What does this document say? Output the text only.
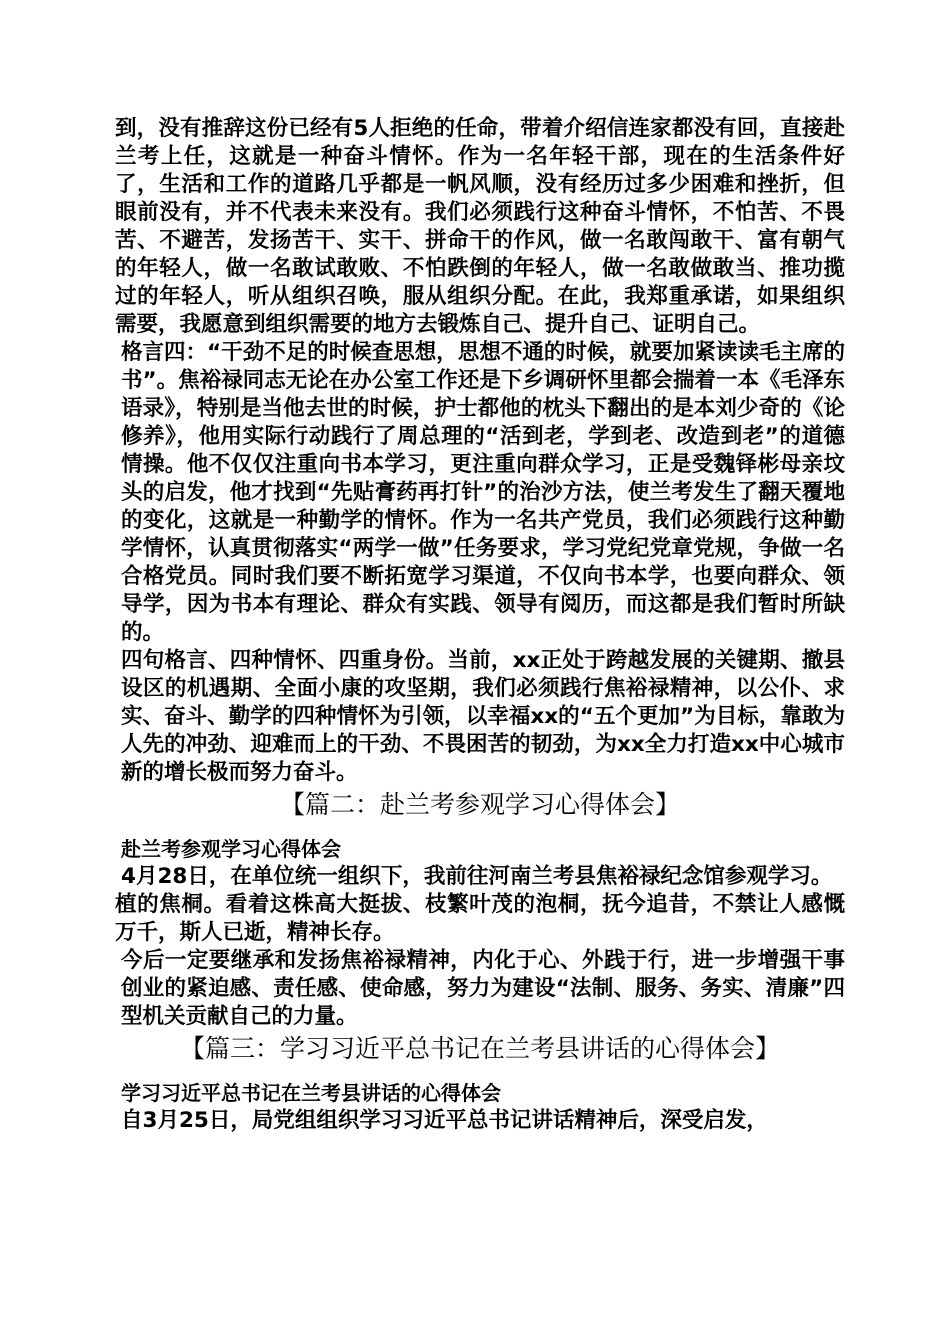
到，没有推辞这份已经有5人拒绝的任命，带着介绍信连家都没有回，直接赴兰考上任，这就是一种奋斗情怀。作为一名年轻干部，现在的生活条件好了，生活和工作的道路几乎都是一帆风顺，没有经历过多少困难和挫折，但眼前没有，并不代表未来没有。我们必须践行这种奋斗情怀，不怕苦、不畏苦、不避苦，发扬苦干、实干、拼命干的作风，做一名敢闯敢干、富有朝气的年轻人，做一名敢试敢败、不怕跌倒的年轻人，做一名敢做敢当、推功揽过的年轻人，听从组织召唤，服从组织分配。在此，我郑重承诺，如果组织需要，我愿意到组织需要的地方去锻炼自己、提升自己、证明自己。

格言四：“干劲不足的时候查思想，思想不通的时候，就要加紧读读毛主席的书”。焦裕禄同志无论在办公室工作还是下乡调研怀里都会揣着一本《毛泽东语录》，特别是当他去世的时候，护士都他的枕头下翻出的是本刘少奇的《论修养》，他用实际行动践行了周总理的“活到老，学到老、改造到老”的道德情操。他不仅仅注重向书本学习，更注重向群众学习，正是受魏铎彬母亲坟头的启发，他才找到“先贴膏药再打针”的治沙方法，使兰考发生了翻天覆地的变化，这就是一种勤学的情怀。作为一名共产党员，我们必须践行这种勤学情怀，认真贯彻落实“两学一做”任务要求，学习党纪党章党规，争做一名合格党员。同时我们要不断拓宽学习渠道，不仅向书本学，也要向群众、领导学，因为书本有理论、群众有实践、领导有阅历，而这都是我们暂时所缺的。

四句格言、四种情怀、四重身份。当前，xx正处于跨越发展的关键期、撤县设区的机遇期、全面小康的攻坚期，我们必须践行焦裕禄精神，以公仆、求实、奋斗、勤学的四种情怀为引领，以幸福xx的“五个更加”为目标，靠敢为人先的冲劲、迎难而上的干劲、不畏困苦的韧劲，为xx全力打造xx中心城市新的增长极而努力奋斗。

【篇二：赴兰考参观学习心得体会】

赴兰考参观学习心得体会

4月28日，在单位统一组织下，我前往河南兰考县焦裕禄纪念馆参观学习。

植的焦桐。看着这株高大挺拔、枝繁叶茂的泡桐，抚今追昔，不禁让人感慨万千，斯人已逝，精神长存。

今后一定要继承和发扬焦裕禄精神，内化于心、外践于行，进一步增强干事创业的紧迫感、责任感、使命感，努力为建设“法制、服务、务实、清廉”四型机关贡献自己的力量。

【篇三：学习习近平总书记在兰考县讲话的心得体会】

学习习近平总书记在兰考县讲话的心得体会

自3月25日，局党组组织学习习近平总书记讲话精神后，深受启发，
